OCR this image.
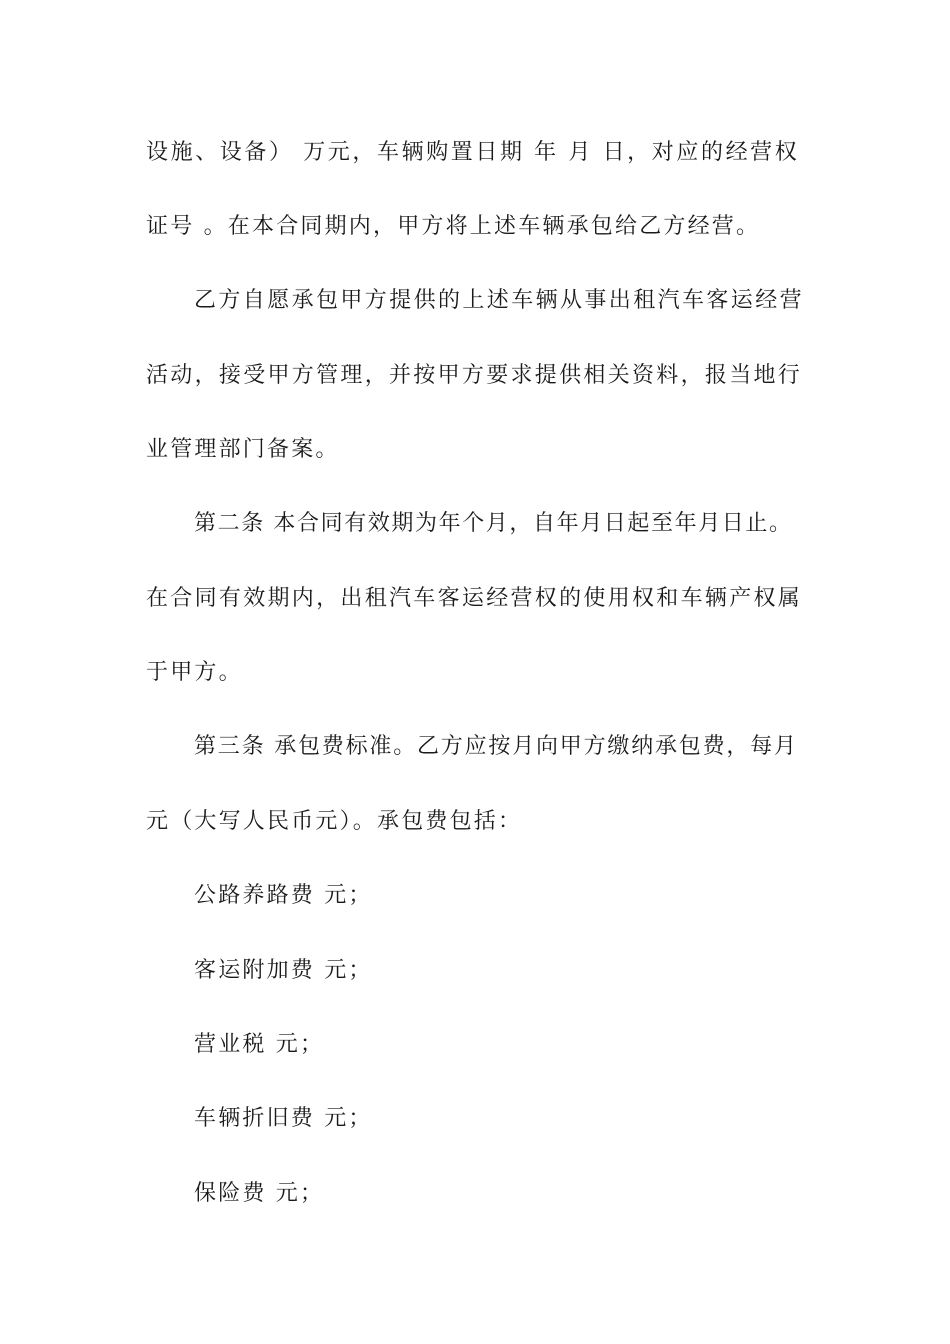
设施、设备） 万元，车辆购置日期 年 月 日，对应的经营权
证号 。在本合同期内，甲方将上述车辆承包给乙方经营。
乙方自愿承包甲方提供的上述车辆从事出租汽车客运经营
活动，接受甲方管理，并按甲方要求提供相关资料，报当地行
业管理部门备案。
第二条 本合同有效期为年个月，自年月日起至年月日止。
在合同有效期内，出租汽车客运经营权的使用权和车辆产权属
于甲方。
第三条 承包费标准。乙方应按月向甲方缴纳承包费，每月
元（大写人民币元）。承包费包括：
公路养路费 元；
客运附加费 元；
营业税 元；
车辆折旧费 元；
保险费 元；
